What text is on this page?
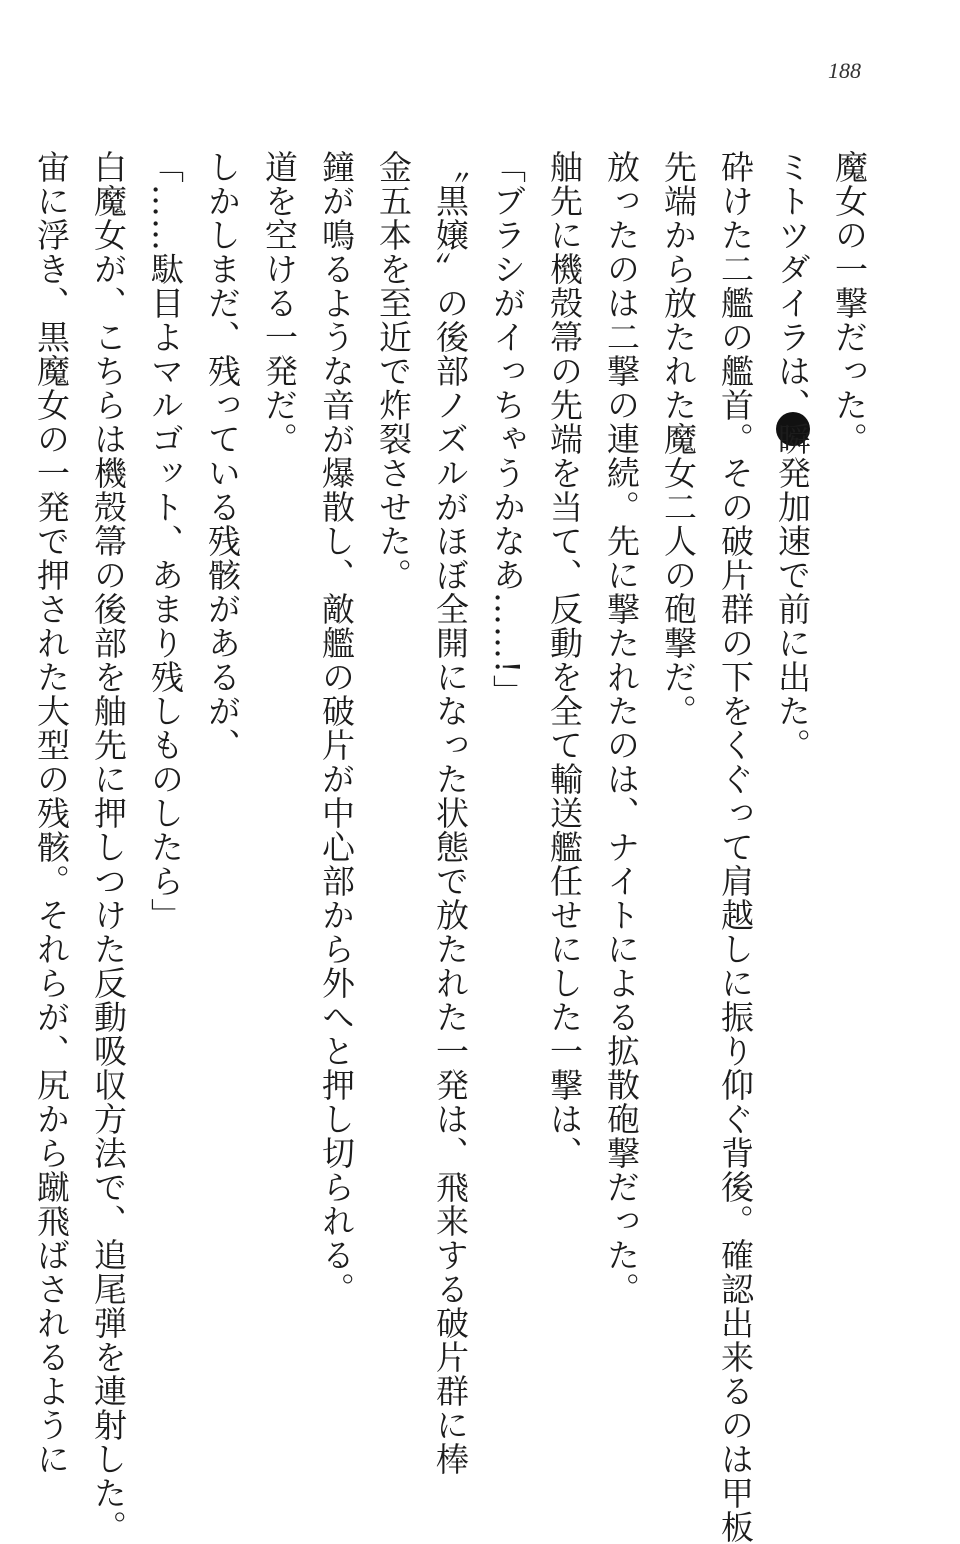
188
魔女の一撃だった。
ミトツダイラは、瞬発加速で前に出た。
砕けた二艦の艦首。その破片群の下をくぐって肩越しに振り仰ぐ背後。確認出来るのは甲板
先端から放たれた魔女二人の砲撃だ。
放ったのは二撃の連続。先に撃たれたのは、ナイトによる拡散砲撃だった。
舳先に機殻箒の先端を当て、反動を全て輸送艦任せにした一撃は、
「ブラシがイっちゃうかなあ……!」
〝黒嬢〟の後部ノズルがほぼ全開になった状態で放たれた一発は、飛来する破片群に棒
金五本を至近で炸裂させた。
鐘が鳴るような音が爆散し、敵艦の破片が中心部から外へと押し切られる。
道を空ける一発だ。
しかしまだ、残っている残骸があるが、
「……駄目よマルゴット、あまり残しものしたら」
白魔女が、こちらは機殻箒の後部を舳先に押しつけた反動吸収方法で、追尾弾を連射した。
宙に浮き、黒魔女の一発で押された大型の残骸。それらが、尻から蹴飛ばされるように
